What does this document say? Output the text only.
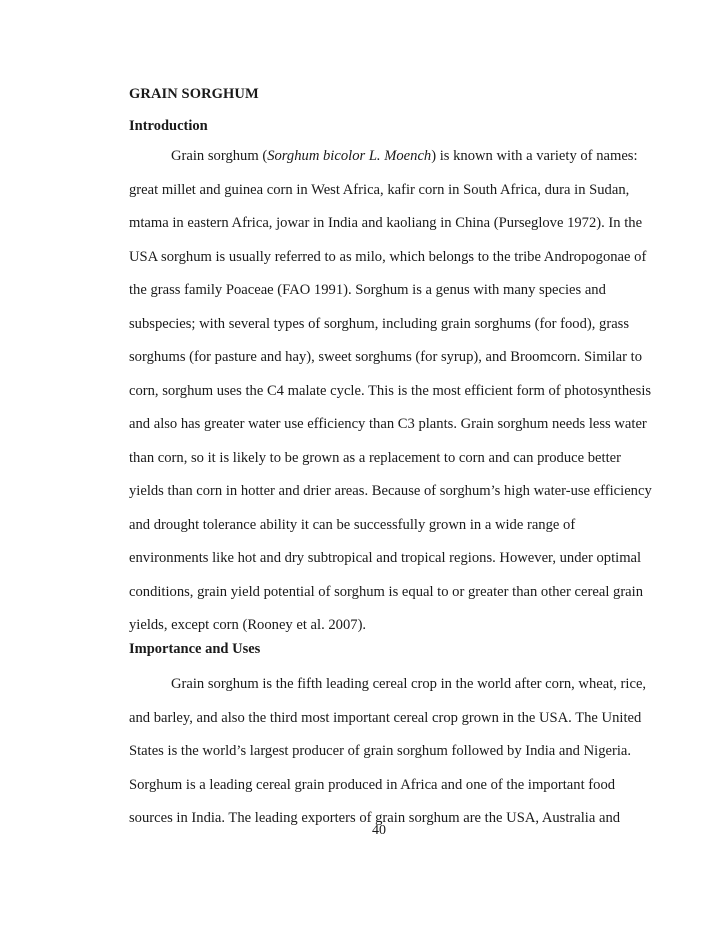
GRAIN SORGHUM
Introduction
Grain sorghum (Sorghum bicolor L. Moench) is known with a variety of names:
great millet and guinea corn in West Africa, kafir corn in South Africa, dura in Sudan,
mtama in eastern Africa, jowar in India and kaoliang in China (Purseglove 1972). In the
USA sorghum is usually referred to as milo, which belongs to the tribe Andropogonae of
the grass family Poaceae (FAO 1991). Sorghum is a genus with many species and
subspecies; with several types of sorghum, including grain sorghums (for food), grass
sorghums (for pasture and hay), sweet sorghums (for syrup), and Broomcorn. Similar to
corn, sorghum uses the C4 malate cycle. This is the most efficient form of photosynthesis
and also has greater water use efficiency than C3 plants. Grain sorghum needs less water
than corn, so it is likely to be grown as a replacement to corn and can produce better
yields than corn in hotter and drier areas. Because of sorghum’s high water-use efficiency
and drought tolerance ability it can be successfully grown in a wide range of
environments like hot and dry subtropical and tropical regions. However, under optimal
conditions, grain yield potential of sorghum is equal to or greater than other cereal grain
yields, except corn (Rooney et al. 2007).
Importance and Uses
Grain sorghum is the fifth leading cereal crop in the world after corn, wheat, rice,
and barley, and also the third most important cereal crop grown in the USA. The United
States is the world’s largest producer of grain sorghum followed by India and Nigeria.
Sorghum is a leading cereal grain produced in Africa and one of the important food
sources in India. The leading exporters of grain sorghum are the USA, Australia and
40
